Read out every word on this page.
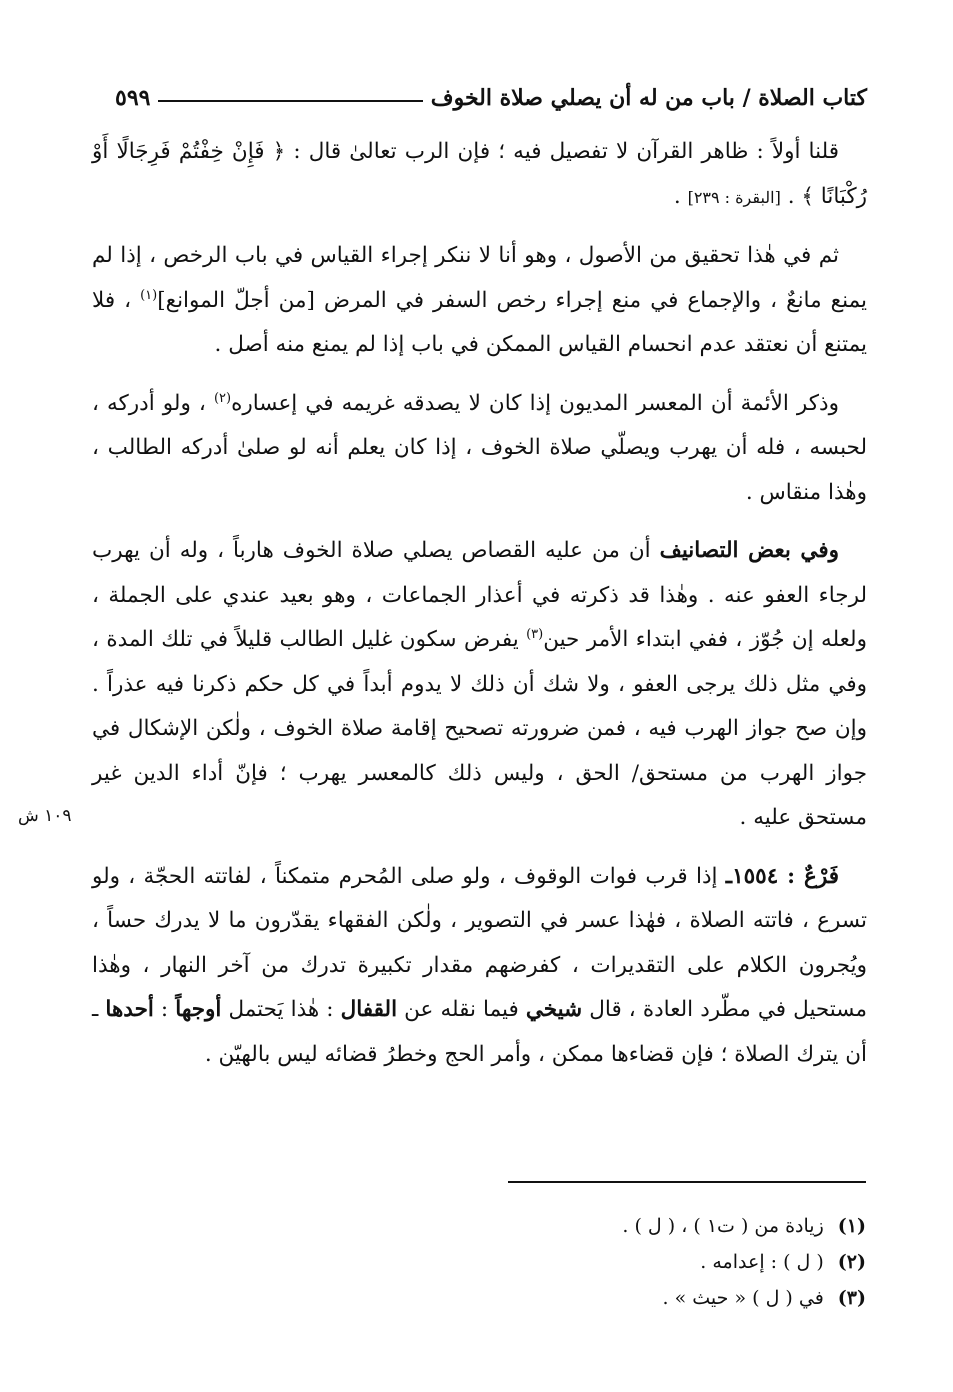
كتاب الصلاة / باب من له أن يصلي صلاة الخوف
٥٩٩

قلنا أولاً : ظاهر القرآن لا تفصيل فيه ؛ فإن الرب تعالىٰ قال : ﴿ فَإِنْ خِفْتُمْ فَرِجَالًا أَوْ رُكْبَانًا ﴾ . [البقرة : ٢٣٩] .

ثم في هٰذا تحقيق من الأصول ، وهو أنا لا ننكر إجراء القياس في باب الرخص ، إذا لم يمنع مانعٌ ، والإجماع في منع إجراء رخص السفر في المرض [من أجلّ الموانع]$^{(١)}$ ، فلا يمتنع أن نعتقد عدم انحسام القياس الممكن في باب إذا لم يمنع منه أصل .

وذكر الأئمة أن المعسر المديون إذا كان لا يصدقه غريمه في إعساره$^{(٢)}$ ، ولو أدركه ، لحبسه ، فله أن يهرب ويصلّي صلاة الخوف ، إذا كان يعلم أنه لو صلىٰ أدركه الطالب ، وهٰذا منقاس .

وفي بعض التصانيف أن من عليه القصاص يصلي صلاة الخوف هارباً ، وله أن يهرب لرجاء العفو عنه . وهٰذا قد ذكرته في أعذار الجماعات ، وهو بعيد عندي على الجملة ، ولعله إن جُوّز ، ففي ابتداء الأمر حين$^{(٣)}$ يفرض سكون غليل الطالب قليلاً في تلك المدة ، وفي مثل ذلك يرجى العفو ، ولا شك أن ذلك لا يدوم أبداً في كل حكم ذكرنا فيه عذراً . وإن صح جواز الهرب فيه ، فمن ضرورته تصحيح إقامة صلاة الخوف ، ولٰكن الإشكال في جواز الهرب من مستحق/ الحق ، وليس ذلك كالمعسر يهرب ؛ فإنّ أداء الدين غير مستحق عليه .

فَرْعٌ : ١٥٥٤ـ إذا قرب فوات الوقوف ، ولو صلى المُحرم متمكناً ، لفاتته الحجّة ، ولو تسرع ، فاتته الصلاة ، فهٰذا عسر في التصوير ، ولٰكن الفقهاء يقدّرون ما لا يدرك حساً ، ويُجرون الكلام على التقديرات ، كفرضهم مقدار تكبيرة تدرك من آخر النهار ، وهٰذا مستحيل في مطّرد العادة ، قال شيخي فيما نقله عن القفال : هٰذا يَحتمل أوجهاً : أحدها ـ أن يترك الصلاة ؛ فإن قضاءها ممكن ، وأمر الحج وخطرُ قضائه ليس بالهيّن .

١٠٩ ش
(١)
زيادة من ( ت١ ) ، ( ل ) .
(٢)
( ل ) : إعدامه .
(٣)
في ( ل ) « حيث » .
